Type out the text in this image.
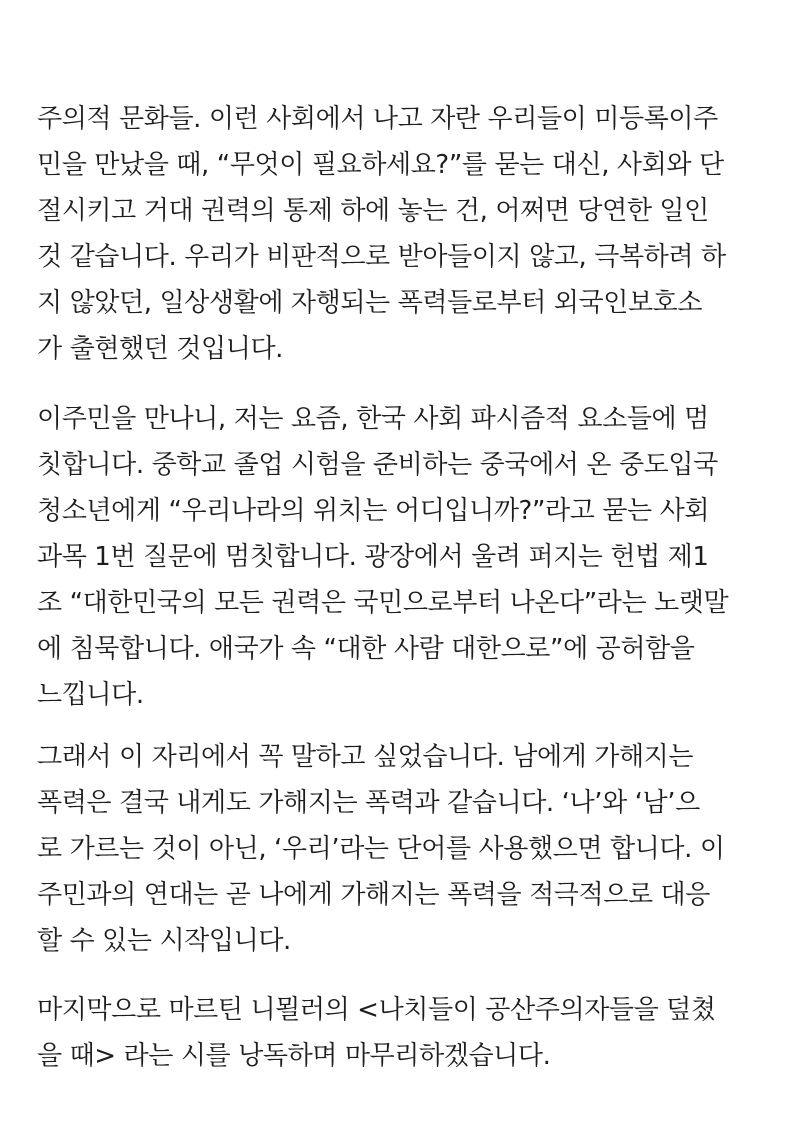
주의적 문화들. 이런 사회에서 나고 자란 우리들이 미등록이주
민을 만났을 때, “무엇이 필요하세요?”를 묻는 대신, 사회와 단
절시키고 거대 권력의 통제 하에 놓는 건, 어쩌면 당연한 일인
것 같습니다. 우리가 비판적으로 받아들이지 않고, 극복하려 하
지 않았던, 일상생활에 자행되는 폭력들로부터 외국인보호소
가 출현했던 것입니다.

이주민을 만나니, 저는 요즘, 한국 사회 파시즘적 요소들에 멈
칫합니다. 중학교 졸업 시험을 준비하는 중국에서 온 중도입국
청소년에게 “우리나라의 위치는 어디입니까?”라고 묻는 사회
과목 1번 질문에 멈칫합니다. 광장에서 울려 퍼지는 헌법 제1
조 “대한민국의 모든 권력은 국민으로부터 나온다”라는 노랫말
에 침묵합니다. 애국가 속 “대한 사람 대한으로”에 공허함을
느낍니다.

그래서 이 자리에서 꼭 말하고 싶었습니다. 남에게 가해지는
폭력은 결국 내게도 가해지는 폭력과 같습니다. ‘나’와 ‘남’으
로 가르는 것이 아닌, ‘우리’라는 단어를 사용했으면 합니다. 이
주민과의 연대는 곧 나에게 가해지는 폭력을 적극적으로 대응
할 수 있는 시작입니다.

마지막으로 마르틴 니묄러의 <나치들이 공산주의자들을 덮쳤
을 때> 라는 시를 낭독하며 마무리하겠습니다.
